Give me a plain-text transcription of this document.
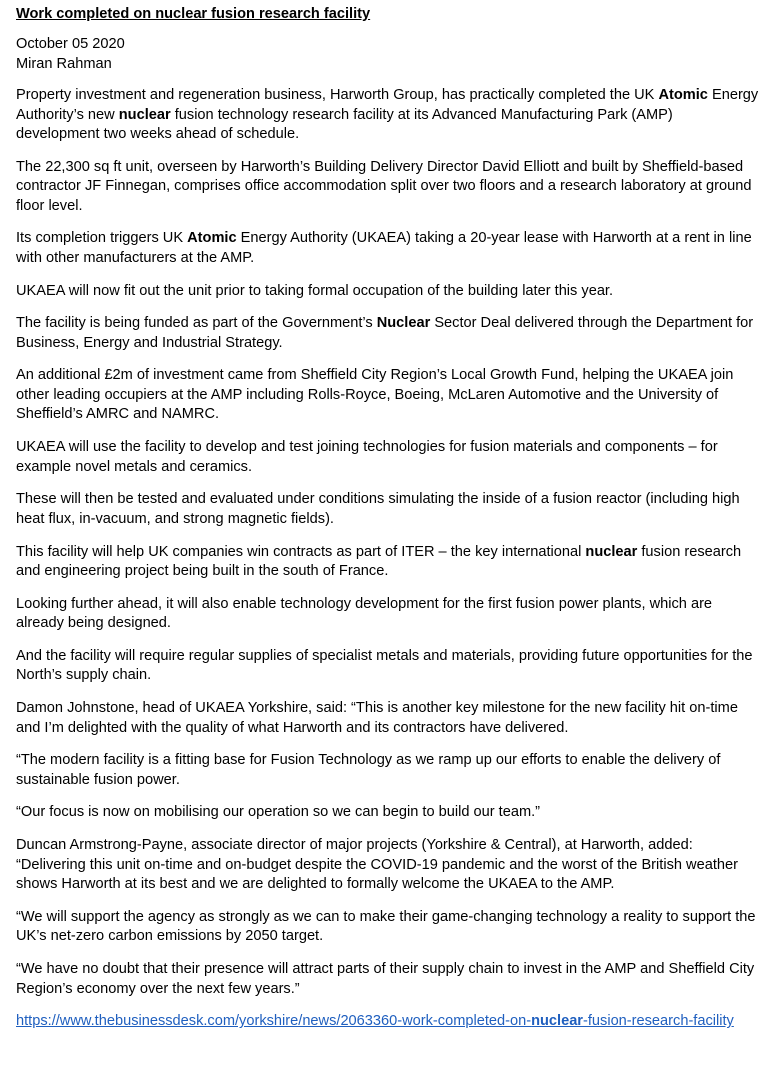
Work completed on nuclear fusion research facility
October 05 2020
Miran Rahman

Property investment and regeneration business, Harworth Group, has practically completed the UK Atomic Energy Authority’s new nuclear fusion technology research facility at its Advanced Manufacturing Park (AMP) development two weeks ahead of schedule.

The 22,300 sq ft unit, overseen by Harworth’s Building Delivery Director David Elliott and built by Sheffield-based contractor JF Finnegan, comprises office accommodation split over two floors and a research laboratory at ground floor level.

Its completion triggers UK Atomic Energy Authority (UKAEA) taking a 20-year lease with Harworth at a rent in line with other manufacturers at the AMP.

UKAEA will now fit out the unit prior to taking formal occupation of the building later this year.

The facility is being funded as part of the Government’s Nuclear Sector Deal delivered through the Department for Business, Energy and Industrial Strategy.

An additional £2m of investment came from Sheffield City Region’s Local Growth Fund, helping the UKAEA join other leading occupiers at the AMP including Rolls-Royce, Boeing, McLaren Automotive and the University of Sheffield’s AMRC and NAMRC.

UKAEA will use the facility to develop and test joining technologies for fusion materials and components – for example novel metals and ceramics.

These will then be tested and evaluated under conditions simulating the inside of a fusion reactor (including high heat flux, in-vacuum, and strong magnetic fields).

This facility will help UK companies win contracts as part of ITER – the key international nuclear fusion research and engineering project being built in the south of France.

Looking further ahead, it will also enable technology development for the first fusion power plants, which are already being designed.

And the facility will require regular supplies of specialist metals and materials, providing future opportunities for the North’s supply chain.

Damon Johnstone, head of UKAEA Yorkshire, said: “This is another key milestone for the new facility hit on-time and I’m delighted with the quality of what Harworth and its contractors have delivered.

“The modern facility is a fitting base for Fusion Technology as we ramp up our efforts to enable the delivery of sustainable fusion power.

“Our focus is now on mobilising our operation so we can begin to build our team.”

Duncan Armstrong-Payne, associate director of major projects (Yorkshire & Central), at Harworth, added: “Delivering this unit on-time and on-budget despite the COVID-19 pandemic and the worst of the British weather shows Harworth at its best and we are delighted to formally welcome the UKAEA to the AMP.

“We will support the agency as strongly as we can to make their game-changing technology a reality to support the UK’s net-zero carbon emissions by 2050 target.

“We have no doubt that their presence will attract parts of their supply chain to invest in the AMP and Sheffield City Region’s economy over the next few years.”

https://www.thebusinessdesk.com/yorkshire/news/2063360-work-completed-on-nuclear-fusion-research-facility
